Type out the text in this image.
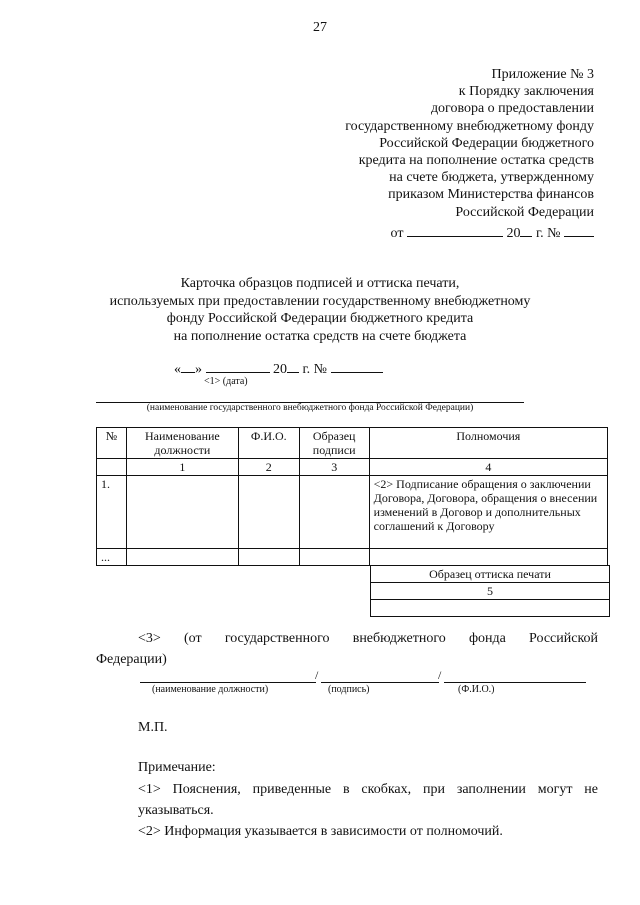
27
Приложение № 3
к Порядку заключения
договора о предоставлении
государственному внебюджетному фонду
Российской Федерации бюджетного
кредита на пополнение остатка средств
на счете бюджета, утвержденному
приказом Министерства финансов
Российской Федерации
от	20 г. №
Карточка образцов подписей и оттиска печати,
используемых при предоставлении государственному внебюджетному
фонду Российской Федерации бюджетного кредита
на пополнение остатка средств на счете бюджета
« »	20 г. №
<1> (дата)
(наименование государственного внебюджетного фонда Российской Федерации)
№	Наименование должности	Ф.И.О.	Образец подписи	Полномочия
	1	2	3	4
1.				<2> Подписание обращения о заключении Договора, Договора, обращения о внесении изменений в Договор и дополнительных соглашений к Договору
...				
Образец оттиска печати
5

<3> (от государственного внебюджетного фонда Российской
Федерации)
/	/
(наименование должности)	(подпись)	(Ф.И.О.)
М.П.
Примечание:
<1> Пояснения, приведенные в скобках, при заполнении могут не указываться.
<2> Информация указывается в зависимости от полномочий.
